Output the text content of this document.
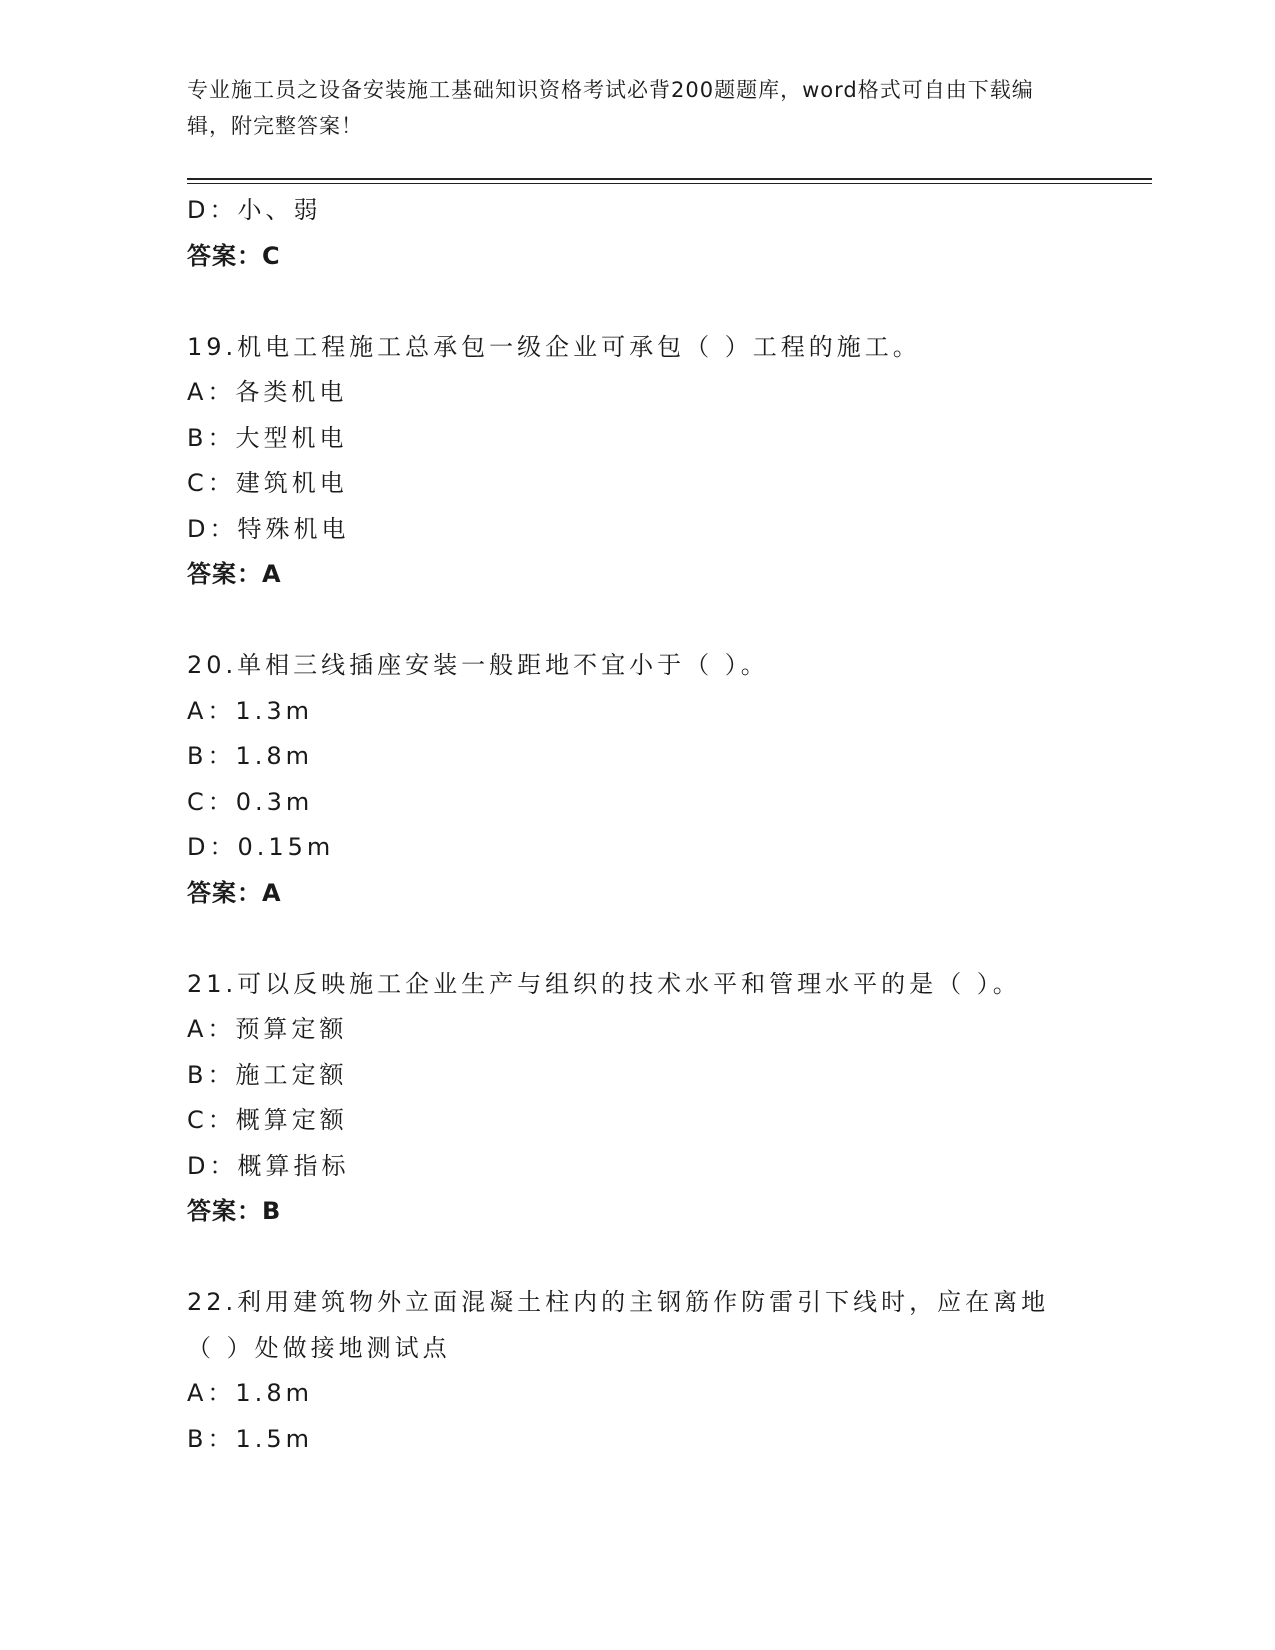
专业施工员之设备安装施工基础知识资格考试必背200题题库，word格式可自由下载编辑，附完整答案！
D：小、弱
答案：C
19.机电工程施工总承包一级企业可承包（ ）工程的施工。
A：各类机电
B：大型机电
C：建筑机电
D：特殊机电
答案：A
20.单相三线插座安装一般距地不宜小于（ ）。
A：1.3m
B：1.8m
C：0.3m
D：0.15m
答案：A
21.可以反映施工企业生产与组织的技术水平和管理水平的是（ ）。
A：预算定额
B：施工定额
C：概算定额
D：概算指标
答案：B
22.利用建筑物外立面混凝土柱内的主钢筋作防雷引下线时，应在离地
（ ）处做接地测试点
A：1.8m
B：1.5m
